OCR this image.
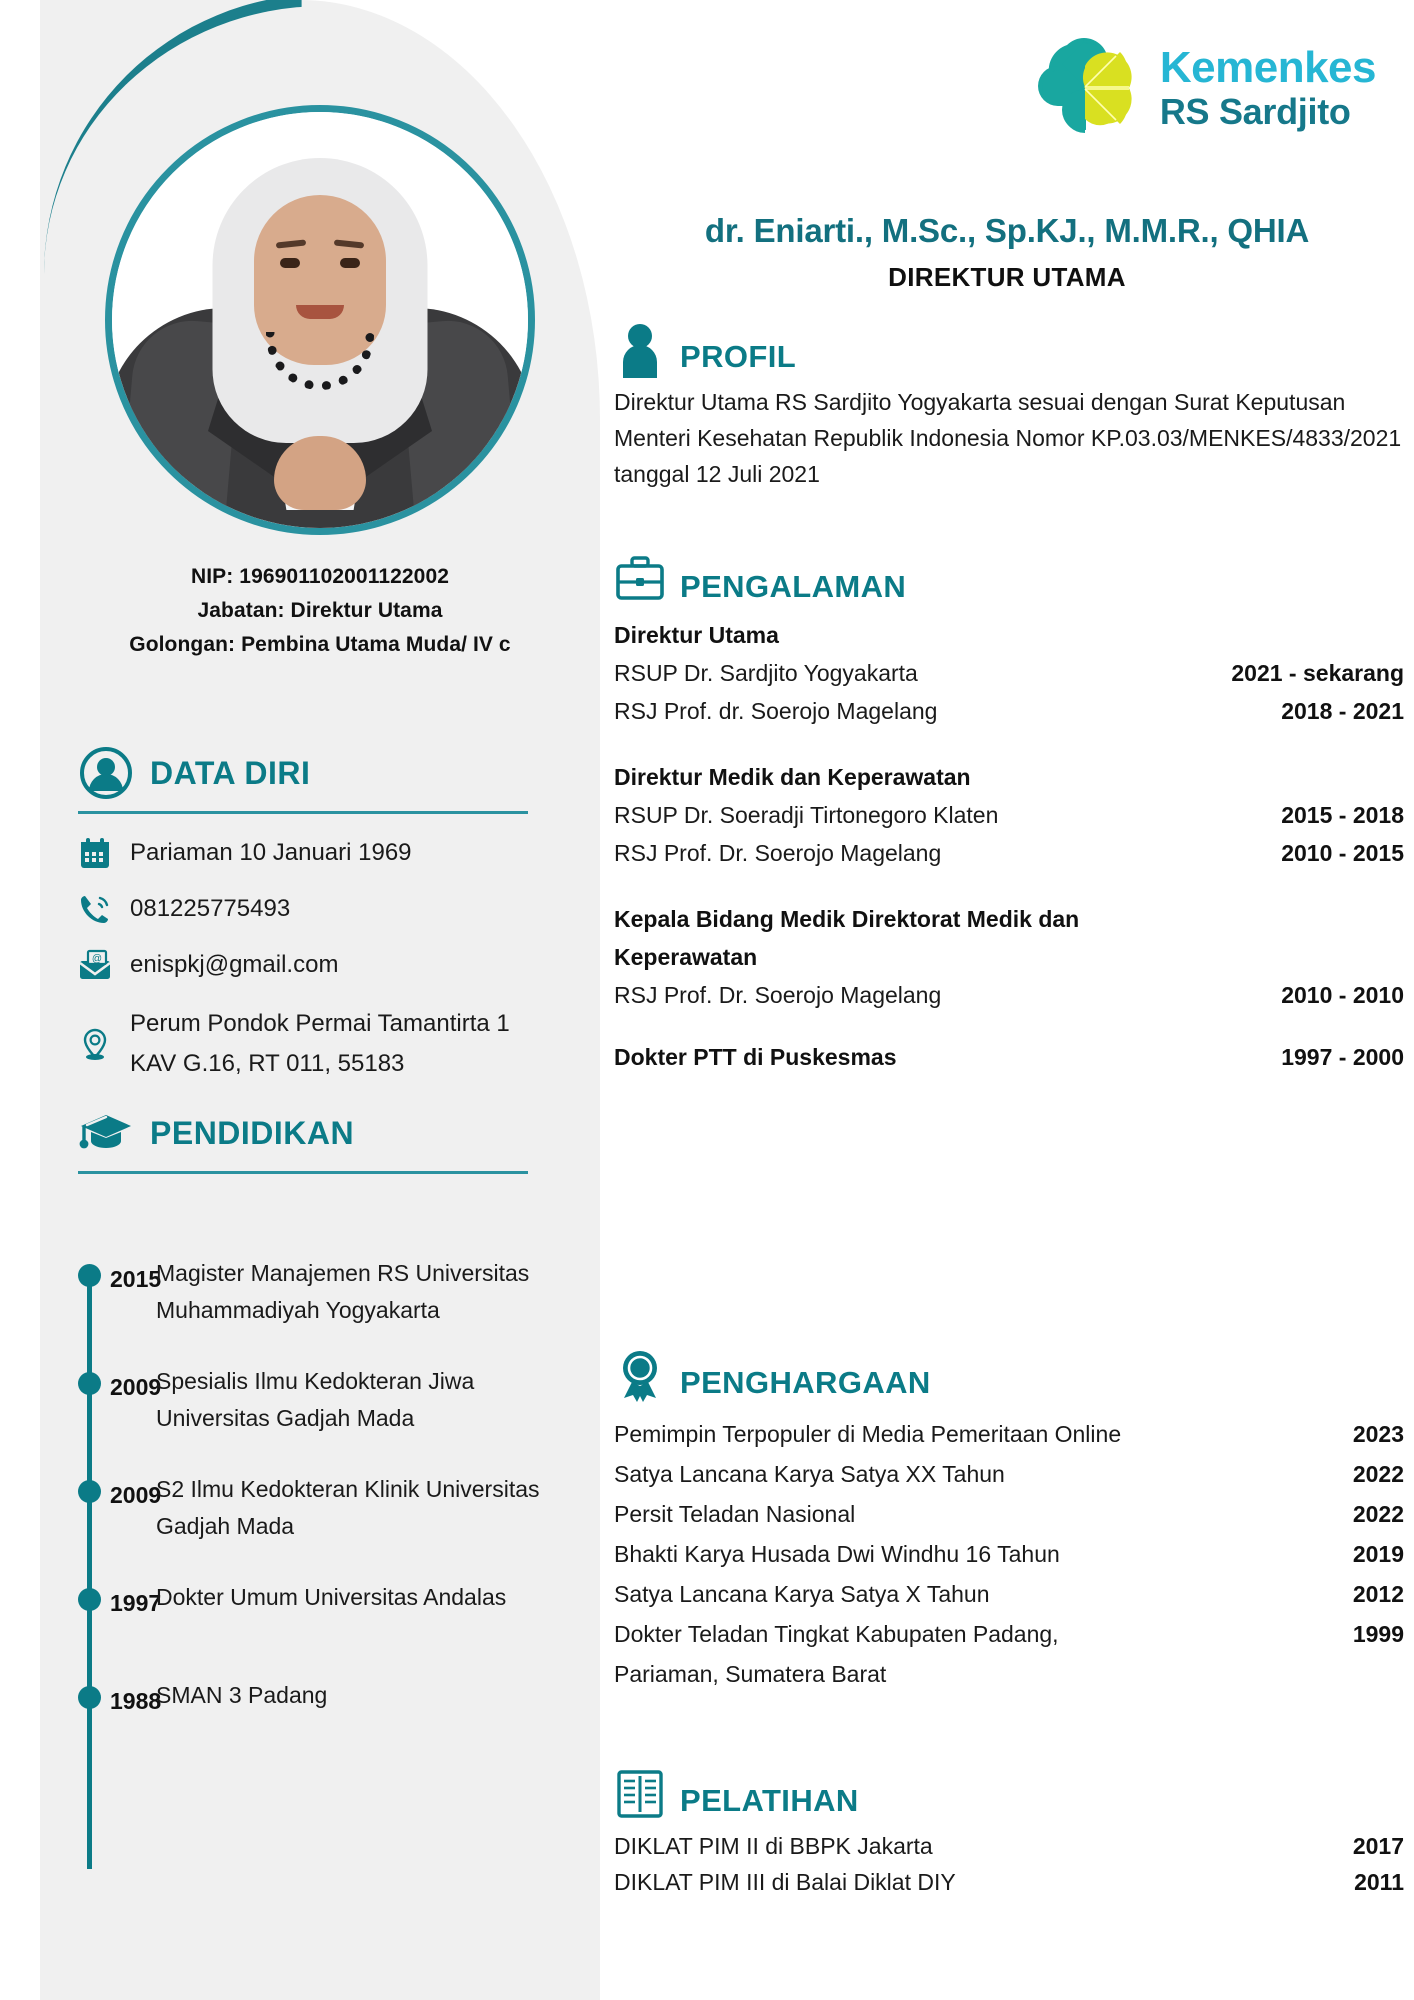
NIP: 196901102001122002
Jabatan: Direktur Utama
Golongan: Pembina Utama Muda/ IV c
DATA DIRI
Pariaman 10 Januari 1969
081225775493
@ enispkj@gmail.com
Perum Pondok Permai Tamantirta 1
KAV G.16, RT 011, 55183
PENDIDIKAN
2015
Magister Manajemen RS Universitas Muhammadiyah Yogyakarta
2009
Spesialis Ilmu Kedokteran Jiwa Universitas Gadjah Mada
2009
S2 Ilmu Kedokteran Klinik Universitas Gadjah Mada
1997
Dokter Umum Universitas Andalas
1988
SMAN 3 Padang
Kemenkes
RS Sardjito
dr. Eniarti., M.Sc., Sp.KJ., M.M.R., QHIA
DIREKTUR UTAMA
PROFIL
Direktur Utama RS Sardjito Yogyakarta sesuai dengan Surat Keputusan Menteri Kesehatan Republik Indonesia Nomor KP.03.03/MENKES/4833/2021 tanggal 12 Juli 2021
PENGALAMAN
Direktur Utama
RSUP Dr. Sardjito Yogyakarta	2021 - sekarang
RSJ Prof. dr. Soerojo Magelang	2018 - 2021
Direktur Medik dan Keperawatan
RSUP Dr. Soeradji Tirtonegoro Klaten	2015 - 2018
RSJ Prof. Dr. Soerojo Magelang	2010 - 2015
Kepala Bidang Medik Direktorat Medik dan Keperawatan
RSJ Prof. Dr. Soerojo Magelang	2010 - 2010
Dokter PTT di Puskesmas	1997 - 2000
PENGHARGAAN
Pemimpin Terpopuler di Media Pemeritaan Online	2023
Satya Lancana Karya Satya XX Tahun	2022
Persit Teladan Nasional	2022
Bhakti Karya Husada Dwi Windhu 16 Tahun	2019
Satya Lancana Karya Satya X Tahun	2012
Dokter Teladan Tingkat Kabupaten Padang,	1999
Pariaman, Sumatera Barat
PELATIHAN
DIKLAT PIM II di BBPK Jakarta	2017
DIKLAT PIM III di Balai Diklat DIY	2011
